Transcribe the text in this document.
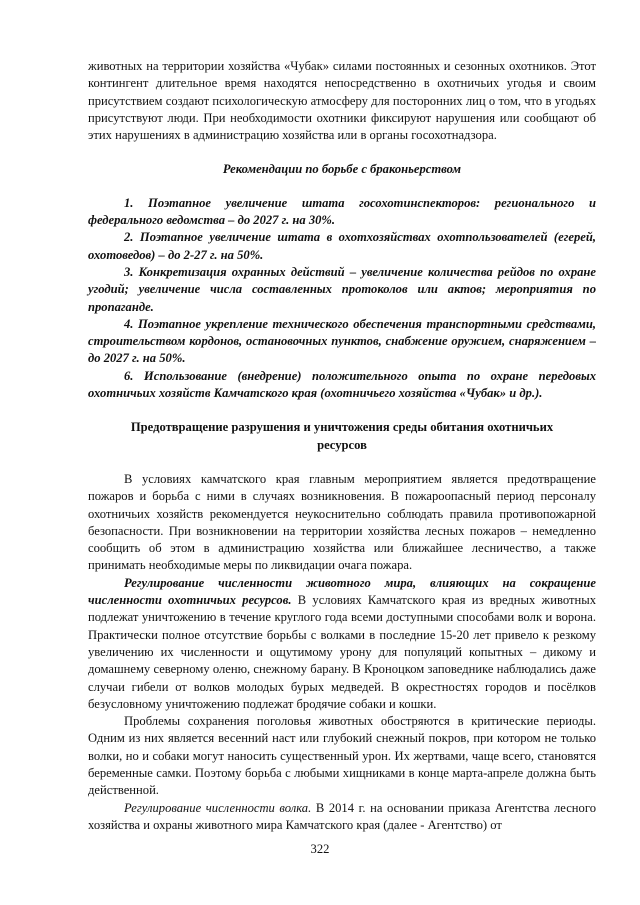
животных на территории хозяйства «Чубак» силами постоянных и сезонных охотников. Этот контингент длительное время находятся непосредственно в охотничьих угодья и своим присутствием создают психологическую атмосферу для посторонних лиц о том, что в угодьях присутствуют люди. При необходимости охотники фиксируют нарушения или сообщают об этих нарушениях в администрацию хозяйства или в органы госохотнадзора.

Рекомендации по борьбе с браконьерством

1. Поэтапное увеличение штата госохотинспекторов: регионального и федерального ведомства – до 2027 г. на 30%.

2. Поэтапное увеличение штата в охотхозяйствах охотпользователей (егерей, охотоведов) – до 2-27 г. на 50%.

3. Конкретизация охранных действий – увеличение количества рейдов по охране угодий; увеличение числа составленных протоколов или актов; мероприятия по пропаганде.

4. Поэтапное укрепление технического обеспечения транспортными средствами, строительством кордонов, остановочных пунктов, снабжение оружием, снаряжением – до 2027 г. на 50%.

6. Использование (внедрение) положительного опыта по охране передовых охотничьих хозяйств Камчатского края (охотничьего хозяйства «Чубак» и др.).

Предотвращение разрушения и уничтожения среды обитания охотничьих ресурсов

В условиях камчатского края главным мероприятием является предотвращение пожаров и борьба с ними в случаях возникновения. В пожароопасный период персоналу охотничьих хозяйств рекомендуется неукоснительно соблюдать правила противопожарной безопасности. При возникновении на территории хозяйства лесных пожаров – немедленно сообщить об этом в администрацию хозяйства или ближайшее лесничество, а также принимать необходимые меры по ликвидации очага пожара.

Регулирование численности животного мира, влияющих на сокращение численности охотничьих ресурсов. В условиях Камчатского края из вредных животных подлежат уничтожению в течение круглого года всеми доступными способами волк и ворона. Практически полное отсутствие борьбы с волками в последние 15-20 лет привело к резкому увеличению их численности и ощутимому урону для популяций копытных – дикому и домашнему северному оленю, снежному барану. В Кроноцком заповеднике наблюдались даже случаи гибели от волков молодых бурых медведей. В окрестностях городов и посёлков безусловному уничтожению подлежат бродячие собаки и кошки.

Проблемы сохранения поголовья животных обостряются в критические периоды. Одним из них является весенний наст или глубокий снежный покров, при котором не только волки, но и собаки могут наносить существенный урон. Их жертвами, чаще всего, становятся беременные самки. Поэтому борьба с любыми хищниками в конце марта-апреле должна быть действенной.

Регулирование численности волка. В 2014 г. на основании приказа Агентства лесного хозяйства и охраны животного мира Камчатского края (далее - Агентство) от

322
